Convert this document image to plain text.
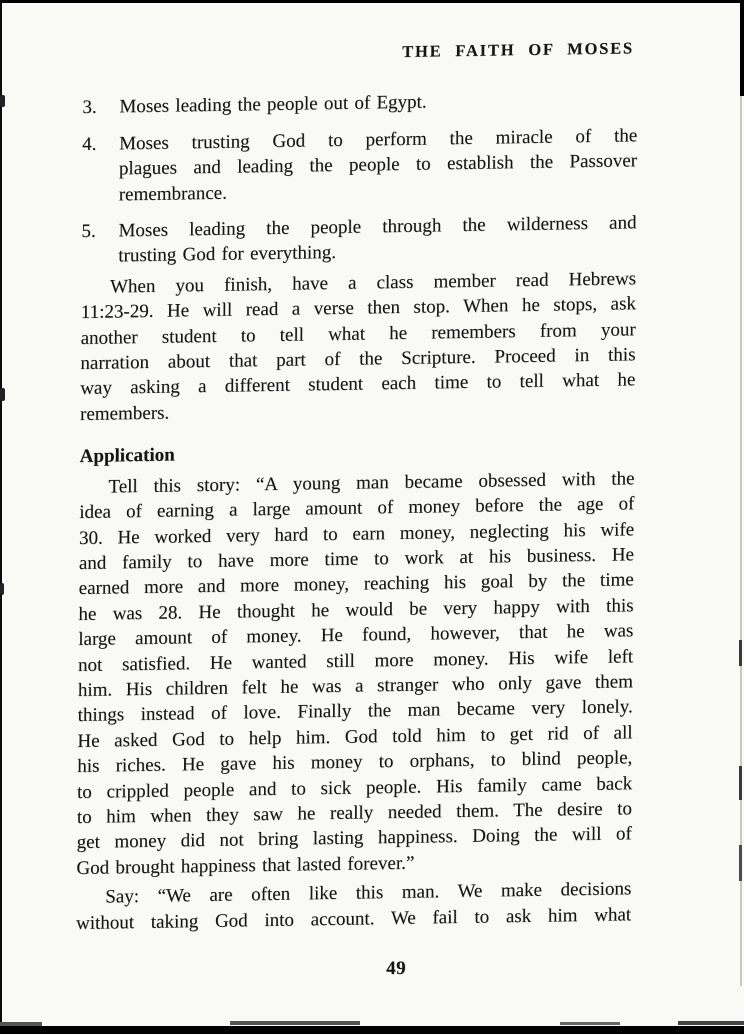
THE FAITH OF MOSES
3.	Moses leading the people out of Egypt.
4.	Moses trusting God to perform the miracle of the
plagues and leading the people to establish the Passover
remembrance.
5.	Moses leading the people through the wilderness and
trusting God for everything.
When you finish, have a class member read Hebrews
11:23-29. He will read a verse then stop. When he stops, ask
another student to tell what he remembers from your
narration about that part of the Scripture. Proceed in this
way asking a different student each time to tell what he
remembers.
Application
Tell this story: “A young man became obsessed with the
idea of earning a large amount of money before the age of
30. He worked very hard to earn money, neglecting his wife
and family to have more time to work at his business. He
earned more and more money, reaching his goal by the time
he was 28. He thought he would be very happy with this
large amount of money. He found, however, that he was
not satisfied. He wanted still more money. His wife left
him. His children felt he was a stranger who only gave them
things instead of love. Finally the man became very lonely.
He asked God to help him. God told him to get rid of all
his riches. He gave his money to orphans, to blind people,
to crippled people and to sick people. His family came back
to him when they saw he really needed them. The desire to
get money did not bring lasting happiness. Doing the will of
God brought happiness that lasted forever.”
Say: “We are often like this man. We make decisions
without taking God into account. We fail to ask him what
49
